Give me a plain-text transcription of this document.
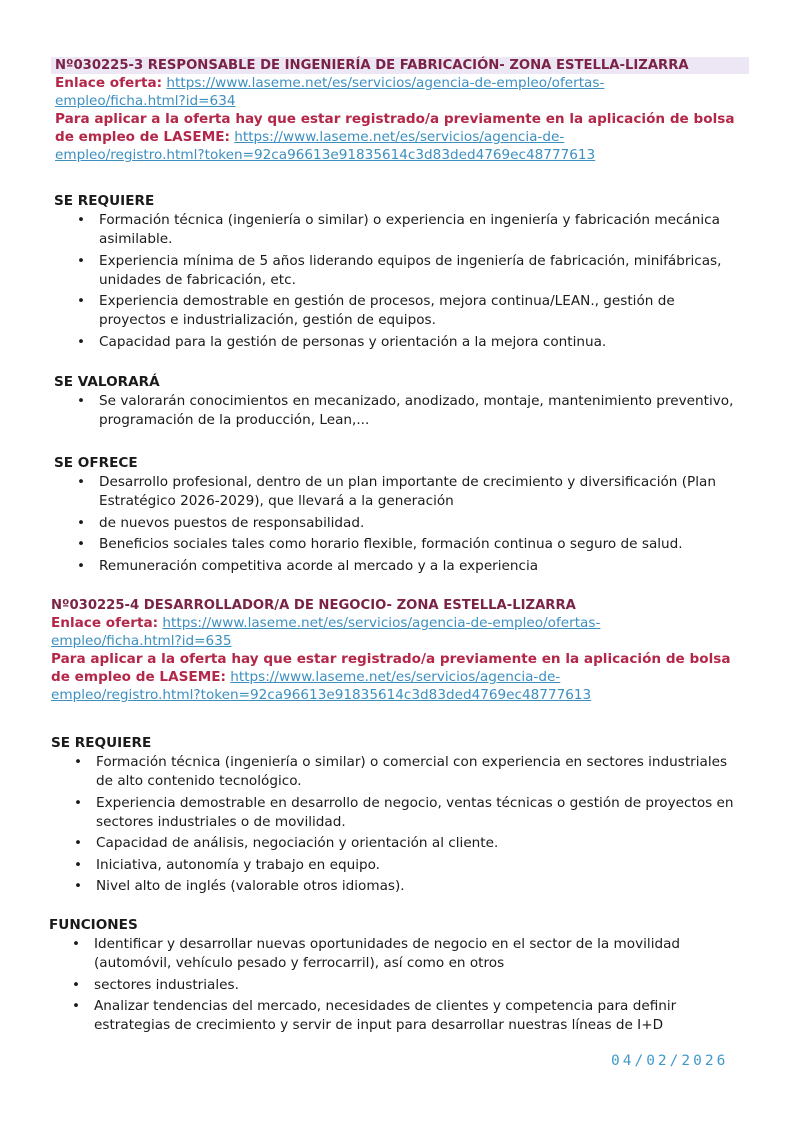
Nº030225-3 RESPONSABLE DE INGENIERÍA DE FABRICACIÓN- ZONA ESTELLA-LIZARRA

Enlace oferta: https://www.laseme.net/es/servicios/agencia-de-empleo/ofertas-

empleo/ficha.html?id=634

Para aplicar a la oferta hay que estar registrado/a previamente en la aplicación de bolsa

de empleo de LASEME: https://www.laseme.net/es/servicios/agencia-de-

empleo/registro.html?token=92ca96613e91835614c3d83ded4769ec48777613

SE REQUIERE

• Formación técnica (ingeniería o similar) o experiencia en ingeniería y fabricación mecánica
asimilable.
• Experiencia mínima de 5 años liderando equipos de ingeniería de fabricación, minifábricas,
unidades de fabricación, etc.
• Experiencia demostrable en gestión de procesos, mejora continua/LEAN., gestión de
proyectos e industrialización, gestión de equipos.
• Capacidad para la gestión de personas y orientación a la mejora continua.

SE VALORARÁ

• Se valorarán conocimientos en mecanizado, anodizado, montaje, mantenimiento preventivo,
programación de la producción, Lean,...

SE OFRECE

• Desarrollo profesional, dentro de un plan importante de crecimiento y diversificación (Plan
Estratégico 2026-2029), que llevará a la generación
• de nuevos puestos de responsabilidad.
• Beneficios sociales tales como horario flexible, formación continua o seguro de salud.
• Remuneración competitiva acorde al mercado y a la experiencia

Nº030225-4 DESARROLLADOR/A DE NEGOCIO- ZONA ESTELLA-LIZARRA

Enlace oferta: https://www.laseme.net/es/servicios/agencia-de-empleo/ofertas-

empleo/ficha.html?id=635

Para aplicar a la oferta hay que estar registrado/a previamente en la aplicación de bolsa

de empleo de LASEME: https://www.laseme.net/es/servicios/agencia-de-

empleo/registro.html?token=92ca96613e91835614c3d83ded4769ec48777613

SE REQUIERE

• Formación técnica (ingeniería o similar) o comercial con experiencia en sectores industriales
de alto contenido tecnológico.
• Experiencia demostrable en desarrollo de negocio, ventas técnicas o gestión de proyectos en
sectores industriales o de movilidad.
• Capacidad de análisis, negociación y orientación al cliente.
• Iniciativa, autonomía y trabajo en equipo.
• Nivel alto de inglés (valorable otros idiomas).

FUNCIONES

• Identificar y desarrollar nuevas oportunidades de negocio en el sector de la movilidad
(automóvil, vehículo pesado y ferrocarril), así como en otros
• sectores industriales.
• Analizar tendencias del mercado, necesidades de clientes y competencia para definir
estrategias de crecimiento y servir de input para desarrollar nuestras líneas de I+D
04/02/2026
